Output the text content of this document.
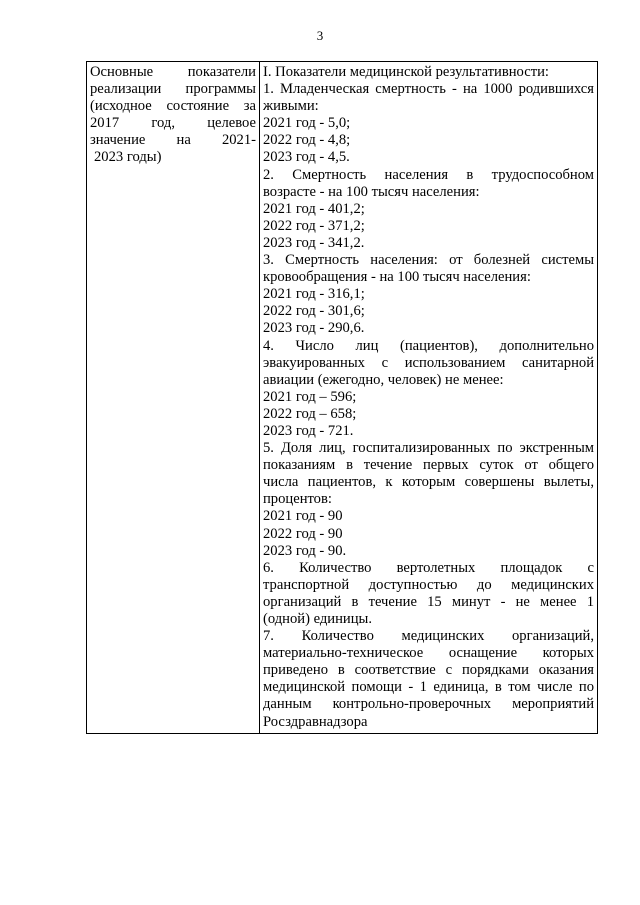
3
Основные показатели
реализации программы
(исходное состояние за
2017 год, целевое
значение на 2021-
2023 годы)

I. Показатели медицинской результативности:
1. Младенческая смертность - на 1000 родившихся
живыми:
2021 год - 5,0;
2022 год - 4,8;
2023 год - 4,5.
2. Смертность населения в трудоспособном
возрасте - на 100 тысяч населения:
2021 год - 401,2;
2022 год - 371,2;
2023 год - 341,2.
3. Смертность населения: от болезней системы
кровообращения - на 100 тысяч населения:
2021 год - 316,1;
2022 год - 301,6;
2023 год - 290,6.
4. Число лиц (пациентов), дополнительно
эвакуированных с использованием санитарной
авиации (ежегодно, человек) не менее:
2021 год – 596;
2022 год – 658;
2023 год - 721.
5. Доля лиц, госпитализированных по экстренным
показаниям в течение первых суток от общего
числа пациентов, к которым совершены вылеты,
процентов:
2021 год - 90
2022 год - 90
2023 год - 90.
6. Количество вертолетных площадок с
транспортной доступностью до медицинских
организаций в течение 15 минут - не менее 1
(одной) единицы.
7. Количество медицинских организаций,
материально-техническое оснащение которых
приведено в соответствие с порядками оказания
медицинской помощи - 1 единица, в том числе по
данным контрольно-проверочных мероприятий
Росздравнадзора
